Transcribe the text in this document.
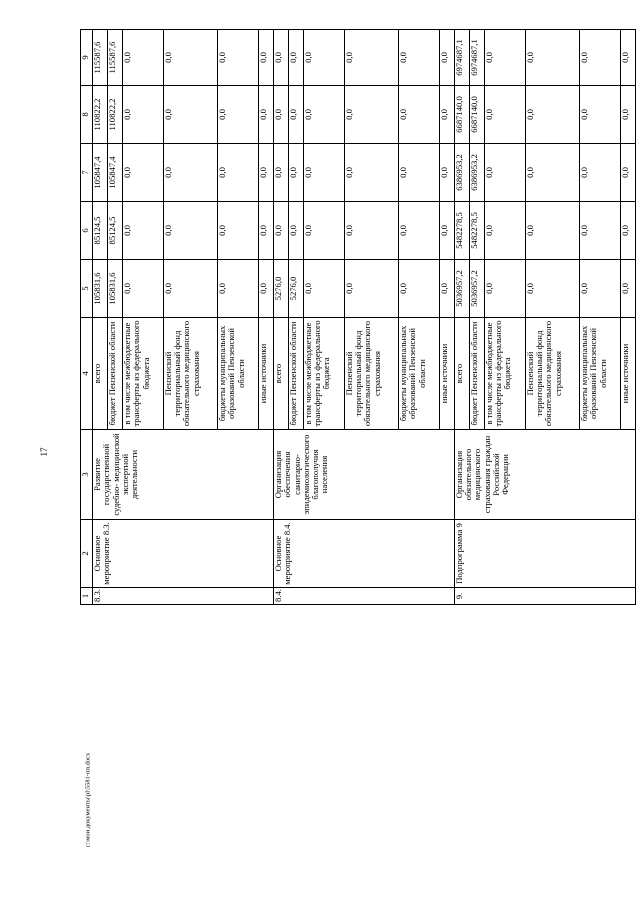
17
c:\мои документы\pl\5581-пп.docx
1	2	3	4	5	6	7	8	9
8.3.	Основное мероприятие 8.3.	Развитие государственной судебно- медицинской экспертной деятельности	всего	105831,6	85124,5	105847,4	110822,2	115587,6
			бюджет Пензенской области	105831,6	85124,5	105847,4	110822,2	115587,6
			в том числе межбюджетные трансферты из федерального бюджета	0,0	0,0	0,0	0,0	0,0
			Пензенский территориальный фонд обязательного медицинского страхования	0,0	0,0	0,0	0,0	0,0
			бюджеты муниципальных образований Пензенской области	0,0	0,0	0,0	0,0	0,0
			иные источники	0,0	0,0	0,0	0,0	0,0
8.4.	Основное мероприятие 8.4.	Организация обеспечения санитарно-эпидемиологического благополучия населения	всего	5276,0	0,0	0,0	0,0	0,0
			бюджет Пензенской области	5276,0	0,0	0,0	0,0	0,0
			в том числе межбюджетные трансферты из федерального бюджета	0,0	0,0	0,0	0,0	0,0
			Пензенский территориальный фонд обязательного медицинского страхования	0,0	0,0	0,0	0,0	0,0
			бюджеты муниципальных образований Пензенской области	0,0	0,0	0,0	0,0	0,0
			иные источники	0,0	0,0	0,0	0,0	0,0
9.	Подпрограмма 9	Организация обязательного медицинского страхования граждан Российской Федерации	всего	5036957,2	5482278,5	6386953,2	6687140,0	6974687,1
			бюджет Пензенской области	5036957,2	5482278,5	6386953,2	6687140,0	6974687,1
			в том числе межбюджетные трансферты из федерального бюджета	0,0	0,0	0,0	0,0	0,0
			Пензенский территориальный фонд обязательного медицинского страхования	0,0	0,0	0,0	0,0	0,0
			бюджеты муниципальных образований Пензенской области	0,0	0,0	0,0	0,0	0,0
			иные источники	0,0	0,0	0,0	0,0	0,0
